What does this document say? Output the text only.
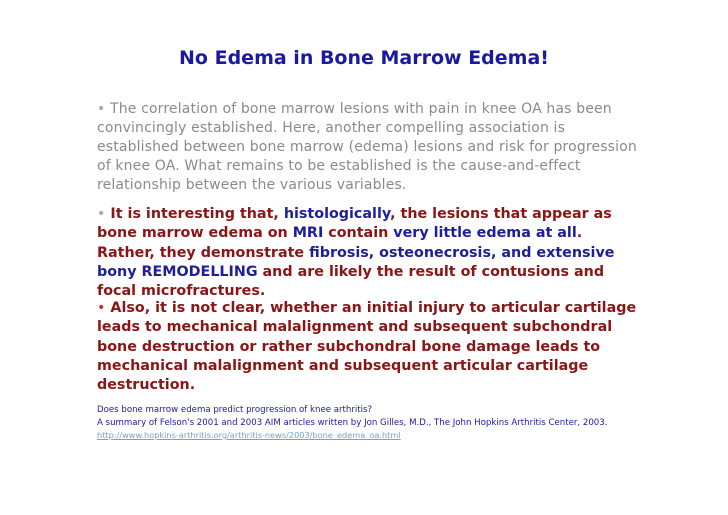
No Edema in Bone Marrow Edema!

• The correlation of bone marrow lesions with pain in knee OA has been convincingly established. Here, another compelling association is established between bone marrow (edema) lesions and risk for progression of knee OA. What remains to be established is the cause-and-effect relationship between the various variables.

• It is interesting that, histologically, the lesions that appear as bone marrow edema on MRI contain very little edema at all. Rather, they demonstrate fibrosis, osteonecrosis, and extensive bony REMODELLING and are likely the result of contusions and focal microfractures.

• Also, it is not clear, whether an initial injury to articular cartilage leads to mechanical malalignment and subsequent subchondral bone destruction or rather subchondral bone damage leads to mechanical malalignment and subsequent articular cartilage destruction.

Does bone marrow edema predict progression of knee arthritis?
A summary of Felson's 2001 and 2003 AIM articles written by Jon Gilles, M.D., The John Hopkins Arthritis Center, 2003.
http://www.hopkins-arthritis.org/arthritis-news/2003/bone_edema_oa.html
